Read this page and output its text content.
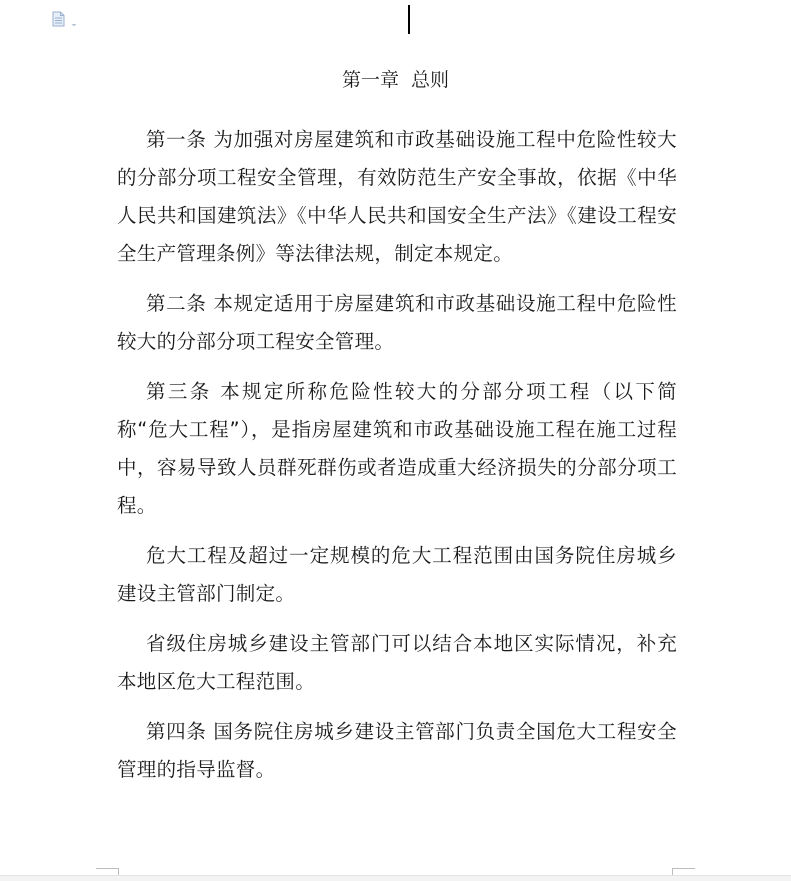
第一章  总则

第一条 为加强对房屋建筑和市政基础设施工程中危险性较大的分部分项工程安全管理，有效防范生产安全事故，依据《中华人民共和国建筑法》《中华人民共和国安全生产法》《建设工程安全生产管理条例》等法律法规，制定本规定。

第二条 本规定适用于房屋建筑和市政基础设施工程中危险性较大的分部分项工程安全管理。

第三条 本规定所称危险性较大的分部分项工程（以下简称“危大工程”），是指房屋建筑和市政基础设施工程在施工过程中，容易导致人员群死群伤或者造成重大经济损失的分部分项工程。

危大工程及超过一定规模的危大工程范围由国务院住房城乡建设主管部门制定。

省级住房城乡建设主管部门可以结合本地区实际情况，补充本地区危大工程范围。

第四条 国务院住房城乡建设主管部门负责全国危大工程安全管理的指导监督。
